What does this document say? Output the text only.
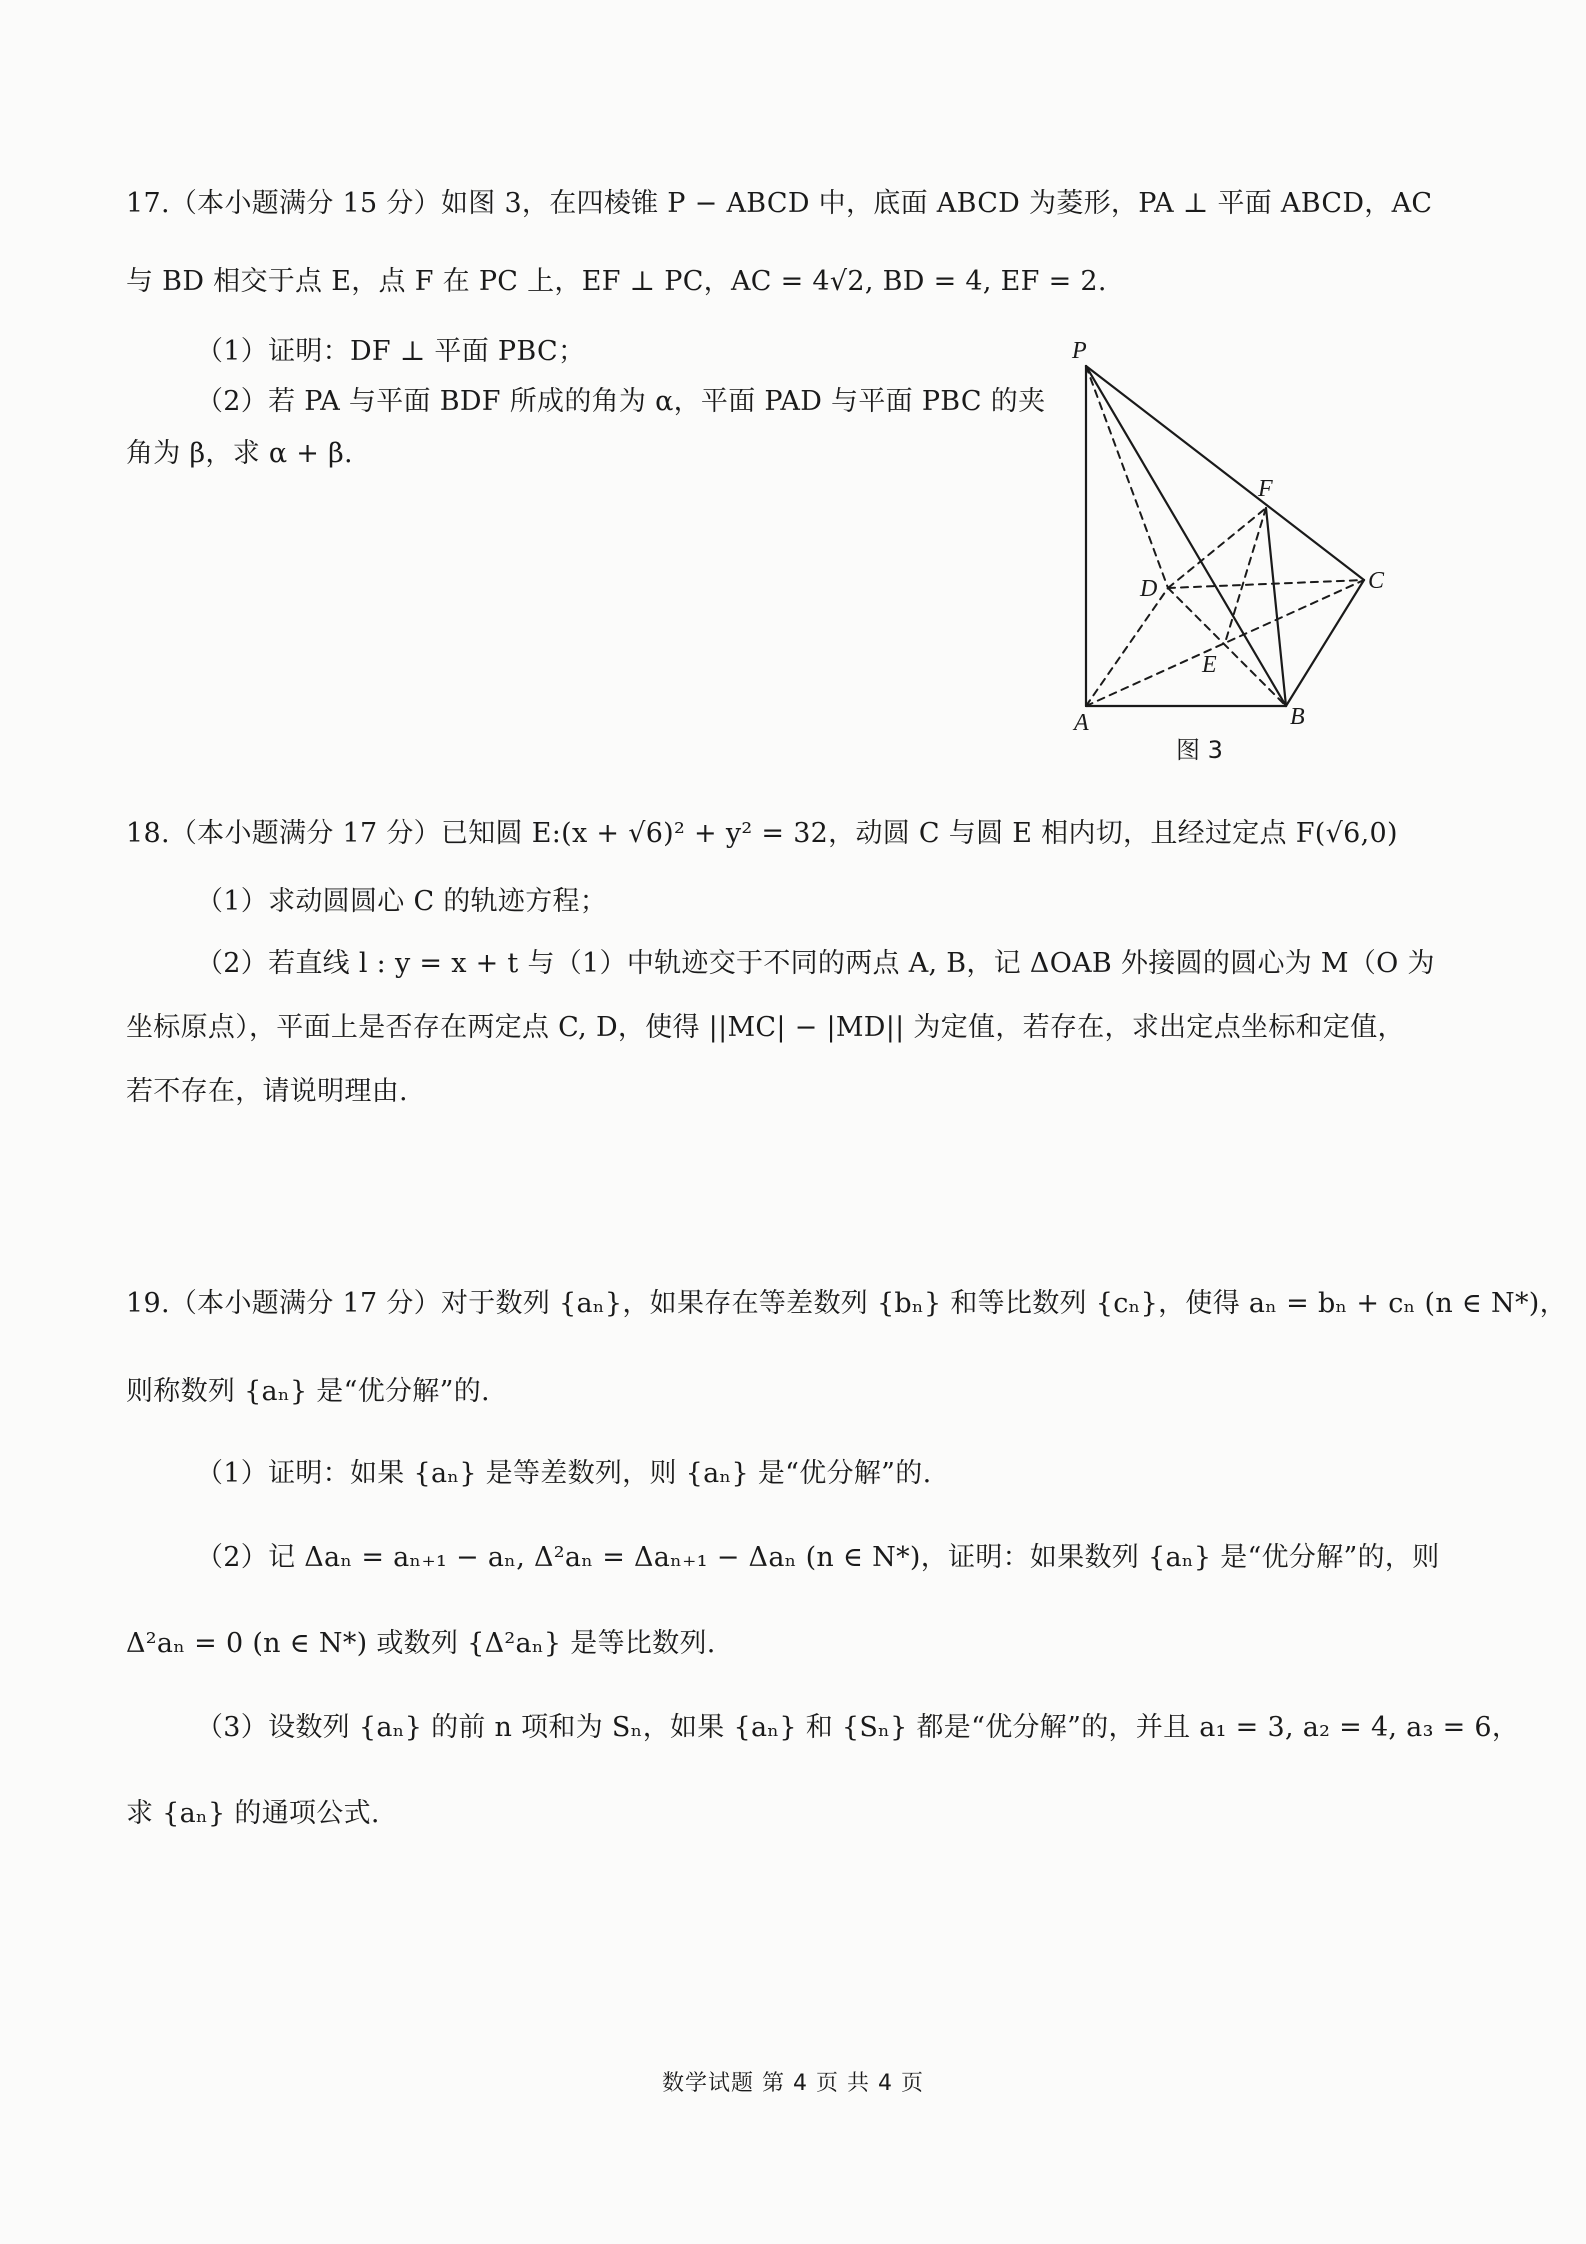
17.（本小题满分 15 分）如图 3，在四棱锥 P − ABCD 中，底面 ABCD 为菱形，PA ⊥ 平面 ABCD，AC
与 BD 相交于点 E，点 F 在 PC 上，EF ⊥ PC，AC = 4√2, BD = 4, EF = 2.
（1）证明：DF ⊥ 平面 PBC；
（2）若 PA 与平面 BDF 所成的角为 α，平面 PAD 与平面 PBC 的夹
角为 β，求 α + β.
P
F
D
E
A	B
C
图 3
18.（本小题满分 17 分）已知圆 E:(x + √6)² + y² = 32，动圆 C 与圆 E 相内切，且经过定点 F(√6,0)
（1）求动圆圆心 C 的轨迹方程；
（2）若直线 l : y = x + t 与（1）中轨迹交于不同的两点 A, B，记 ΔOAB 外接圆的圆心为 M（O 为
坐标原点），平面上是否存在两定点 C, D，使得 ||MC| − |MD|| 为定值，若存在，求出定点坐标和定值，
若不存在，请说明理由.
19.（本小题满分 17 分）对于数列 {aₙ}，如果存在等差数列 {bₙ} 和等比数列 {cₙ}，使得 aₙ = bₙ + cₙ (n ∈ N*)，
则称数列 {aₙ} 是“优分解”的.
（1）证明：如果 {aₙ} 是等差数列，则 {aₙ} 是“优分解”的.
（2）记 Δaₙ = aₙ₊₁ − aₙ, Δ²aₙ = Δaₙ₊₁ − Δaₙ (n ∈ N*)，证明：如果数列 {aₙ} 是“优分解”的，则
Δ²aₙ = 0 (n ∈ N*) 或数列 {Δ²aₙ} 是等比数列.
（3）设数列 {aₙ} 的前 n 项和为 Sₙ，如果 {aₙ} 和 {Sₙ} 都是“优分解”的，并且 a₁ = 3, a₂ = 4, a₃ = 6，
求 {aₙ} 的通项公式.
数学试题 第 4 页 共 4 页
